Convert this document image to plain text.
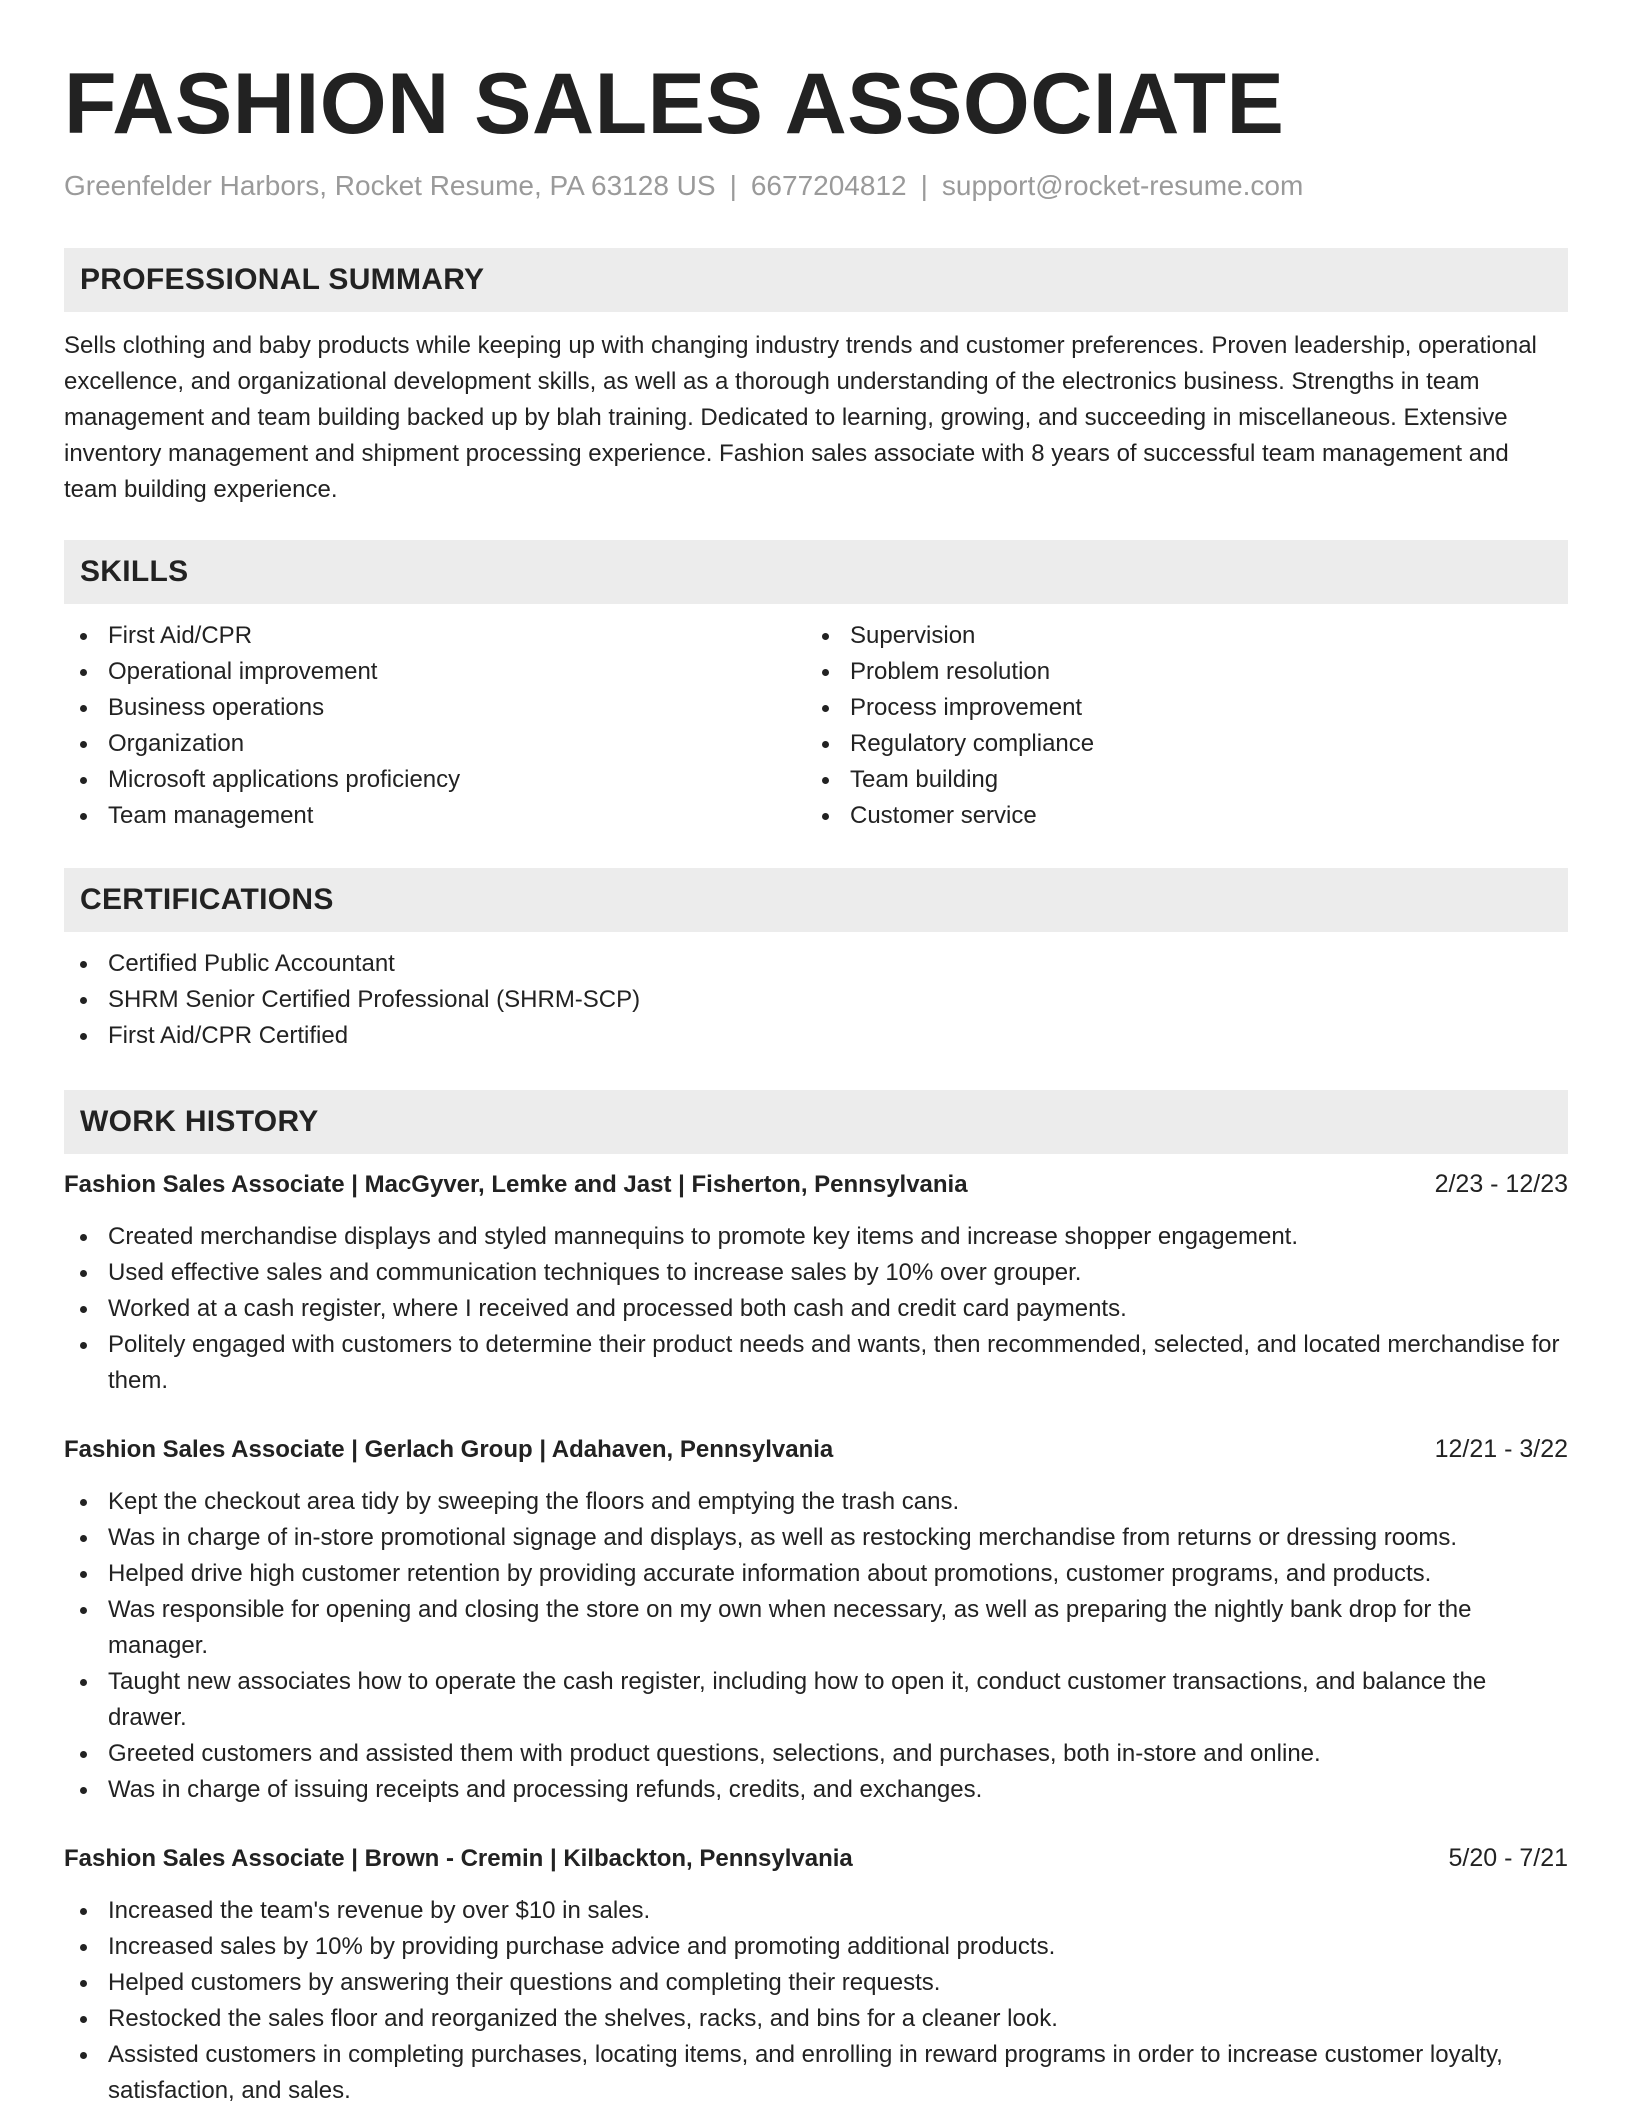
FASHION SALES ASSOCIATE
Greenfelder Harbors, Rocket Resume, PA 63128 US | 6677204812 | support@rocket-resume.com
PROFESSIONAL SUMMARY

Sells clothing and baby products while keeping up with changing industry trends and customer preferences. Proven leadership, operational excellence, and organizational development skills, as well as a thorough understanding of the electronics business. Strengths in team management and team building backed up by blah training. Dedicated to learning, growing, and succeeding in miscellaneous. Extensive inventory management and shipment processing experience. Fashion sales associate with 8 years of successful team management and team building experience.

SKILLS
First Aid/CPR
Operational improvement
Business operations
Organization
Microsoft applications proficiency
Team management
Supervision
Problem resolution
Process improvement
Regulatory compliance
Team building
Customer service
CERTIFICATIONS
Certified Public Accountant
SHRM Senior Certified Professional (SHRM-SCP)
First Aid/CPR Certified
WORK HISTORY
Fashion Sales Associate | MacGyver, Lemke and Jast | Fisherton, Pennsylvania	2/23 - 12/23
Created merchandise displays and styled mannequins to promote key items and increase shopper engagement.
Used effective sales and communication techniques to increase sales by 10% over grouper.
Worked at a cash register, where I received and processed both cash and credit card payments.
Politely engaged with customers to determine their product needs and wants, then recommended, selected, and located merchandise for them.
Fashion Sales Associate | Gerlach Group | Adahaven, Pennsylvania	12/21 - 3/22
Kept the checkout area tidy by sweeping the floors and emptying the trash cans.
Was in charge of in-store promotional signage and displays, as well as restocking merchandise from returns or dressing rooms.
Helped drive high customer retention by providing accurate information about promotions, customer programs, and products.
Was responsible for opening and closing the store on my own when necessary, as well as preparing the nightly bank drop for the manager.
Taught new associates how to operate the cash register, including how to open it, conduct customer transactions, and balance the drawer.
Greeted customers and assisted them with product questions, selections, and purchases, both in-store and online.
Was in charge of issuing receipts and processing refunds, credits, and exchanges.
Fashion Sales Associate | Brown - Cremin | Kilbackton, Pennsylvania	5/20 - 7/21
Increased the team's revenue by over $10 in sales.
Increased sales by 10% by providing purchase advice and promoting additional products.
Helped customers by answering their questions and completing their requests.
Restocked the sales floor and reorganized the shelves, racks, and bins for a cleaner look.
Assisted customers in completing purchases, locating items, and enrolling in reward programs in order to increase customer loyalty, satisfaction, and sales.
